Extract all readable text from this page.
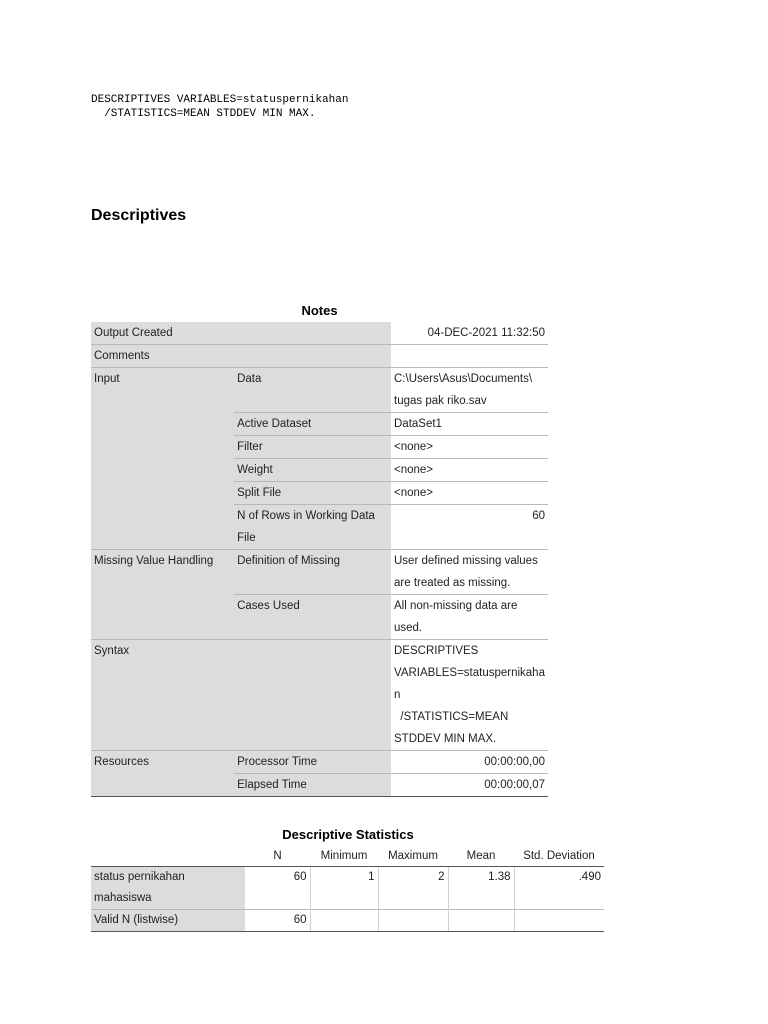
DESCRIPTIVES VARIABLES=statuspernikahan
/STATISTICS=MEAN STDDEV MIN MAX.
Descriptives
Notes
Output Created		04-DEC-2021 11:32:50
Comments		
Input	Data	C:\Users\Asus\Documents\
tugas pak riko.sav

	Active Dataset	DataSet1
	Filter	<none>
	Weight	<none>
	Split File	<none>

	N of Rows in Working Data
File	60
Missing Value Handling	Definition of Missing	User defined missing values
are treated as missing.

	Cases Used	All non-missing data are
used.

Syntax		DESCRIPTIVES
VARIABLES=statuspernikaha
n
/STATISTICS=MEAN
STDDEV MIN MAX.

Resources	Processor Time	00:00:00,00
	Elapsed Time	00:00:00,07
Descriptive Statistics
	N	Minimum	Maximum	Mean	Std. Deviation

status pernikahan
mahasiswa	60	1	2	1.38	.490
Valid N (listwise)	60				
